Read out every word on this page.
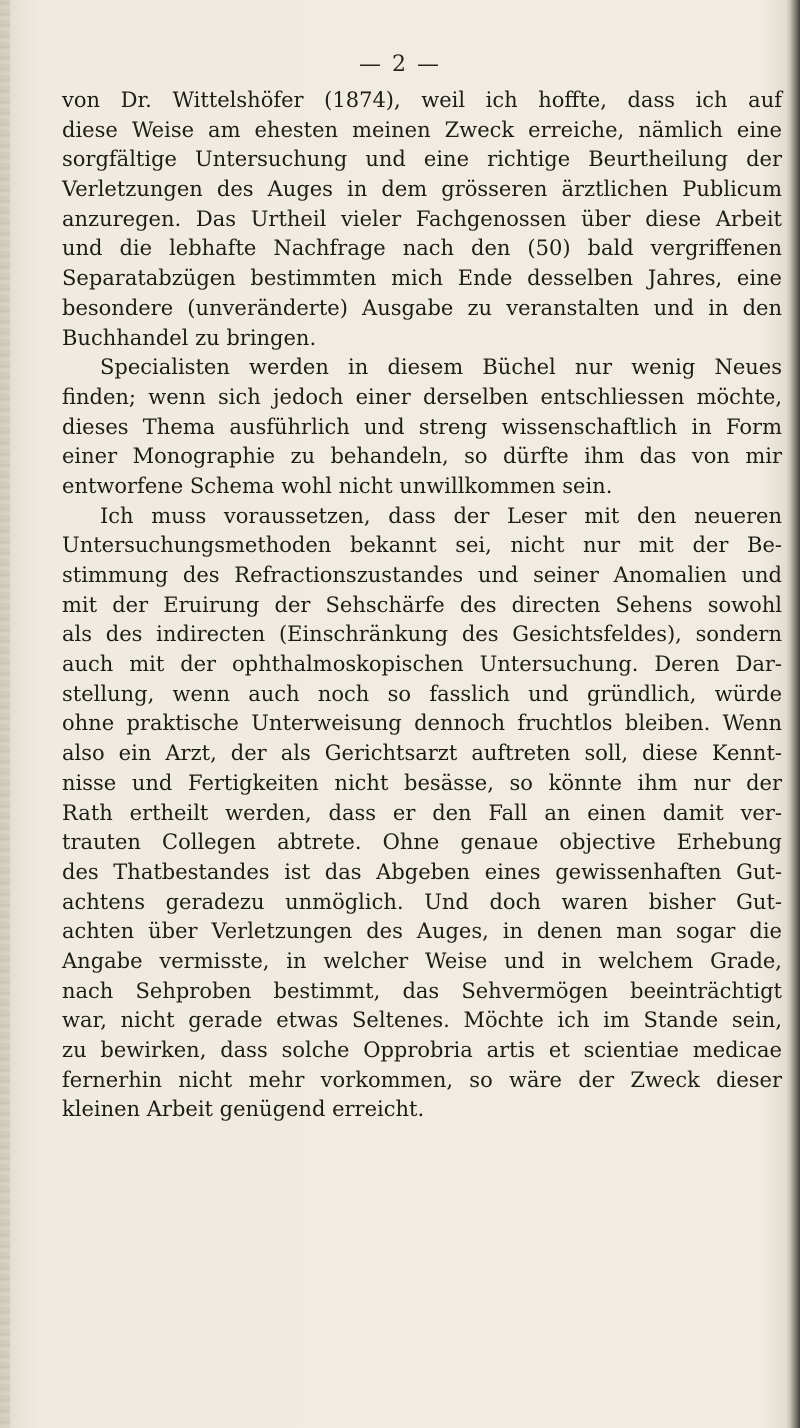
— 2 —
von Dr. Wittelshöfer (1874), weil ich hoffte, dass ich auf
diese Weise am ehesten meinen Zweck erreiche, nämlich eine
sorgfältige Untersuchung und eine richtige Beurtheilung der
Verletzungen des Auges in dem grösseren ärztlichen Publicum
anzuregen. Das Urtheil vieler Fachgenossen über diese Arbeit
und die lebhafte Nachfrage nach den (50) bald vergriffenen
Separatabzügen bestimmten mich Ende desselben Jahres, eine
besondere (unveränderte) Ausgabe zu veranstalten und in den
Buchhandel zu bringen.
Specialisten werden in diesem Büchel nur wenig Neues
finden; wenn sich jedoch einer derselben entschliessen möchte,
dieses Thema ausführlich und streng wissenschaftlich in Form
einer Monographie zu behandeln, so dürfte ihm das von mir
entworfene Schema wohl nicht unwillkommen sein.
Ich muss voraussetzen, dass der Leser mit den neueren
Untersuchungsmethoden bekannt sei, nicht nur mit der Be-
stimmung des Refractionszustandes und seiner Anomalien und
mit der Eruirung der Sehschärfe des directen Sehens sowohl
als des indirecten (Einschränkung des Gesichtsfeldes), sondern
auch mit der ophthalmoskopischen Untersuchung. Deren Dar-
stellung, wenn auch noch so fasslich und gründlich, würde
ohne praktische Unterweisung dennoch fruchtlos bleiben. Wenn
also ein Arzt, der als Gerichtsarzt auftreten soll, diese Kennt-
nisse und Fertigkeiten nicht besässe, so könnte ihm nur der
Rath ertheilt werden, dass er den Fall an einen damit ver-
trauten Collegen abtrete. Ohne genaue objective Erhebung
des Thatbestandes ist das Abgeben eines gewissenhaften Gut-
achtens geradezu unmöglich. Und doch waren bisher Gut-
achten über Verletzungen des Auges, in denen man sogar die
Angabe vermisste, in welcher Weise und in welchem Grade,
nach Sehproben bestimmt, das Sehvermögen beeinträchtigt
war, nicht gerade etwas Seltenes. Möchte ich im Stande sein,
zu bewirken, dass solche Opprobria artis et scientiae medicae
fernerhin nicht mehr vorkommen, so wäre der Zweck dieser
kleinen Arbeit genügend erreicht.
